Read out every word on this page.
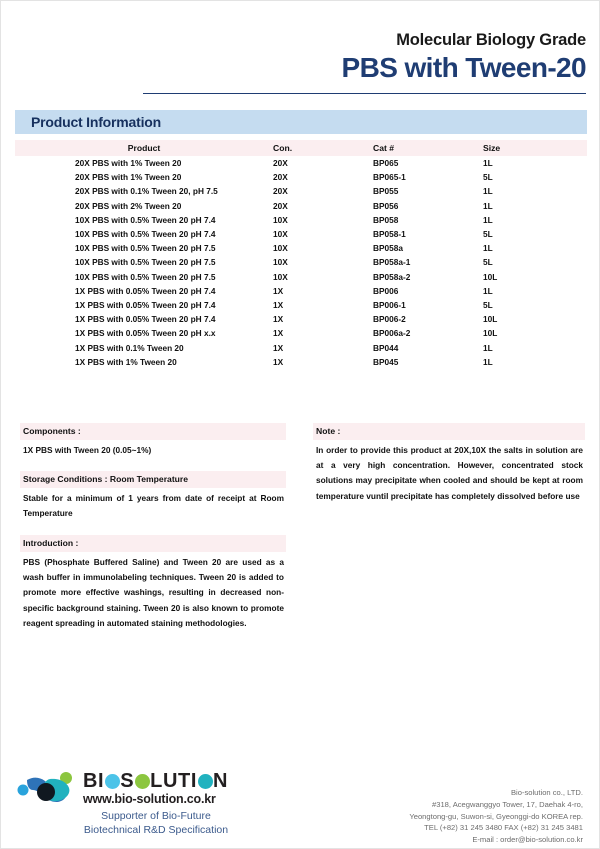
Molecular Biology Grade
PBS with Tween-20
Product Information
Product	Con.	Cat #	Size
20X PBS with 1% Tween 20	20X	BP065	1L
20X PBS with 1% Tween 20	20X	BP065-1	5L
20X PBS with 0.1% Tween 20, pH 7.5	20X	BP055	1L
20X PBS with 2% Tween 20	20X	BP056	1L
10X PBS with 0.5% Tween 20 pH 7.4	10X	BP058	1L
10X PBS with 0.5% Tween 20 pH 7.4	10X	BP058-1	5L
10X PBS with 0.5% Tween 20 pH 7.5	10X	BP058a	1L
10X PBS with 0.5% Tween 20 pH 7.5	10X	BP058a-1	5L
10X PBS with 0.5% Tween 20 pH 7.5	10X	BP058a-2	10L
1X PBS with 0.05% Tween 20 pH 7.4	1X	BP006	1L
1X PBS with 0.05% Tween 20 pH 7.4	1X	BP006-1	5L
1X PBS with 0.05% Tween 20 pH 7.4	1X	BP006-2	10L
1X PBS with 0.05% Tween 20 pH x.x	1X	BP006a-2	10L
1X PBS with 0.1% Tween 20	1X	BP044	1L
1X PBS with 1% Tween 20	1X	BP045	1L
Components :
1X PBS with Tween 20 (0.05~1%)
Storage Conditions : Room Temperature
Stable for a minimum of 1 years from date of receipt at Room Temperature
Introduction :
PBS (Phosphate Buffered Saline) and Tween 20 are used as a wash buffer in immunolabeling techniques. Tween 20 is added to promote more effective washings, resulting in decreased non-specific background staining. Tween 20 is also known to promote reagent spreading in automated staining methodologies.
Note :
In order to provide this product at 20X,10X the salts in solution are at a very high concentration. However, concentrated stock solutions may precipitate when cooled and should be kept at room temperature vuntil precipitate has completely dissolved before use
BI S LUTI N
www.bio-solution.co.kr
Supporter of Bio-Future
Biotechnical R&D Specification
Bio-solution co., LTD.
#318, Acegwanggyo Tower, 17, Daehak 4-ro,
Yeongtong-gu, Suwon-si, Gyeonggi-do KOREA rep.
TEL (+82) 31 245 3480 FAX (+82) 31 245 3481
E-mail : order@bio-solution.co.kr
